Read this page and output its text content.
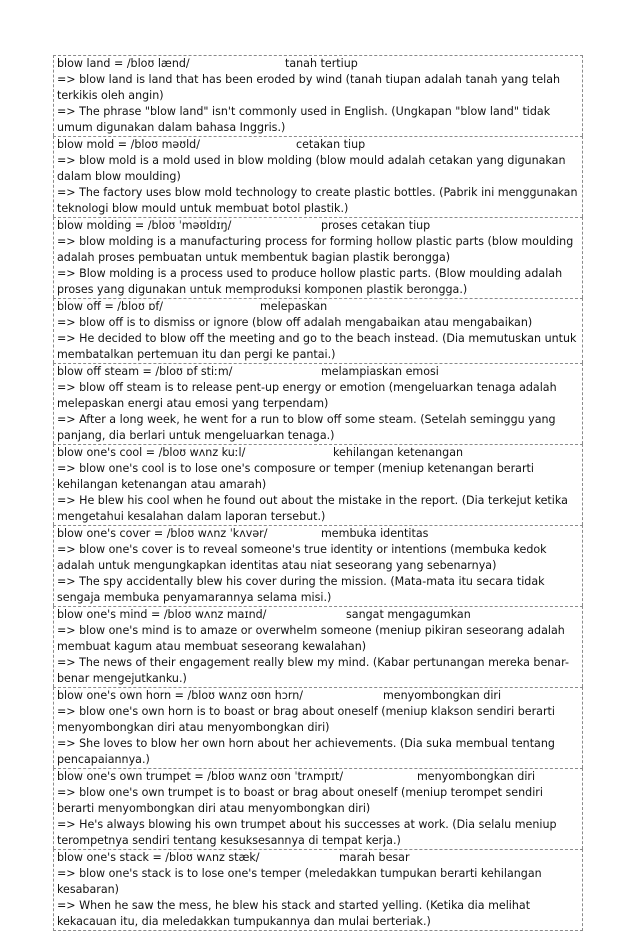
blow land = /bloʊ lænd/	tanah tertiup
=> blow land is land that has been eroded by wind (tanah tiupan adalah tanah yang telah terkikis oleh angin)
=> The phrase "blow land" isn't commonly used in English. (Ungkapan "blow land" tidak umum digunakan dalam bahasa Inggris.)
blow mold = /bloʊ məʊld/	cetakan tiup
=> blow mold is a mold used in blow molding (blow mould adalah cetakan yang digunakan dalam blow moulding)
=> The factory uses blow mold technology to create plastic bottles. (Pabrik ini menggunakan teknologi blow mould untuk membuat botol plastik.)
blow molding = /bloʊ ˈməʊldɪŋ/	proses cetakan tiup
=> blow molding is a manufacturing process for forming hollow plastic parts (blow moulding adalah proses pembuatan untuk membentuk bagian plastik berongga)
=> Blow molding is a process used to produce hollow plastic parts. (Blow moulding adalah proses yang digunakan untuk memproduksi komponen plastik berongga.)
blow off = /bloʊ ɒf/	melepaskan
=> blow off is to dismiss or ignore (blow off adalah mengabaikan atau mengabaikan)
=> He decided to blow off the meeting and go to the beach instead. (Dia memutuskan untuk membatalkan pertemuan itu dan pergi ke pantai.)
blow off steam = /bloʊ ɒf stiːm/	melampiaskan emosi
=> blow off steam is to release pent-up energy or emotion (mengeluarkan tenaga adalah melepaskan energi atau emosi yang terpendam)
=> After a long week, he went for a run to blow off some steam. (Setelah seminggu yang panjang, dia berlari untuk mengeluarkan tenaga.)
blow one's cool = /bloʊ wʌnz kuːl/	kehilangan ketenangan
=> blow one's cool is to lose one's composure or temper (meniup ketenangan berarti kehilangan ketenangan atau amarah)
=> He blew his cool when he found out about the mistake in the report. (Dia terkejut ketika mengetahui kesalahan dalam laporan tersebut.)
blow one's cover = /bloʊ wʌnz ˈkʌvər/	membuka identitas
=> blow one's cover is to reveal someone's true identity or intentions (membuka kedok adalah untuk mengungkapkan identitas atau niat seseorang yang sebenarnya)
=> The spy accidentally blew his cover during the mission. (Mata-mata itu secara tidak sengaja membuka penyamarannya selama misi.)
blow one's mind = /bloʊ wʌnz maɪnd/	sangat mengagumkan
=> blow one's mind is to amaze or overwhelm someone (meniup pikiran seseorang adalah membuat kagum atau membuat seseorang kewalahan)
=> The news of their engagement really blew my mind. (Kabar pertunangan mereka benar-benar mengejutkanku.)
blow one's own horn = /bloʊ wʌnz oʊn hɔrn/	menyombongkan diri
=> blow one's own horn is to boast or brag about oneself (meniup klakson sendiri berarti menyombongkan diri atau menyombongkan diri)
=> She loves to blow her own horn about her achievements. (Dia suka membual tentang pencapaiannya.)
blow one's own trumpet = /bloʊ wʌnz oʊn ˈtrʌmpɪt/	menyombongkan diri
=> blow one's own trumpet is to boast or brag about oneself (meniup terompet sendiri berarti menyombongkan diri atau menyombongkan diri)
=> He's always blowing his own trumpet about his successes at work. (Dia selalu meniup terompetnya sendiri tentang kesuksesannya di tempat kerja.)
blow one's stack = /bloʊ wʌnz stæk/	marah besar
=> blow one's stack is to lose one's temper (meledakkan tumpukan berarti kehilangan kesabaran)
=> When he saw the mess, he blew his stack and started yelling. (Ketika dia melihat kekacauan itu, dia meledakkan tumpukannya dan mulai berteriak.)
